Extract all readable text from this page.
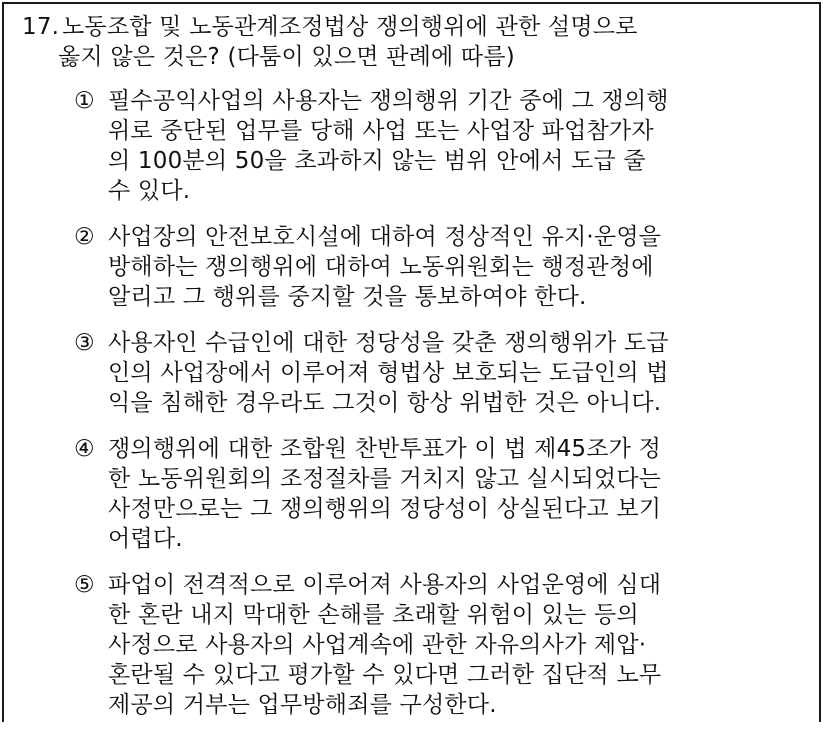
17. 노동조합 및 노동관계조정법상 쟁의행위에 관한 설명으로
옳지 않은 것은? (다툼이 있으면 판례에 따름)
① 필수공익사업의 사용자는 쟁의행위 기간 중에 그 쟁의행
위로 중단된 업무를 당해 사업 또는 사업장 파업참가자
의 100분의 50을 초과하지 않는 범위 안에서 도급 줄
수 있다.
② 사업장의 안전보호시설에 대하여 정상적인 유지·운영을
방해하는 쟁의행위에 대하여 노동위원회는 행정관청에
알리고 그 행위를 중지할 것을 통보하여야 한다.
③ 사용자인 수급인에 대한 정당성을 갖춘 쟁의행위가 도급
인의 사업장에서 이루어져 형법상 보호되는 도급인의 법
익을 침해한 경우라도 그것이 항상 위법한 것은 아니다.
④ 쟁의행위에 대한 조합원 찬반투표가 이 법 제45조가 정
한 노동위원회의 조정절차를 거치지 않고 실시되었다는
사정만으로는 그 쟁의행위의 정당성이 상실된다고 보기
어렵다.
⑤ 파업이 전격적으로 이루어져 사용자의 사업운영에 심대
한 혼란 내지 막대한 손해를 초래할 위험이 있는 등의
사정으로 사용자의 사업계속에 관한 자유의사가 제압·
혼란될 수 있다고 평가할 수 있다면 그러한 집단적 노무
제공의 거부는 업무방해죄를 구성한다.
